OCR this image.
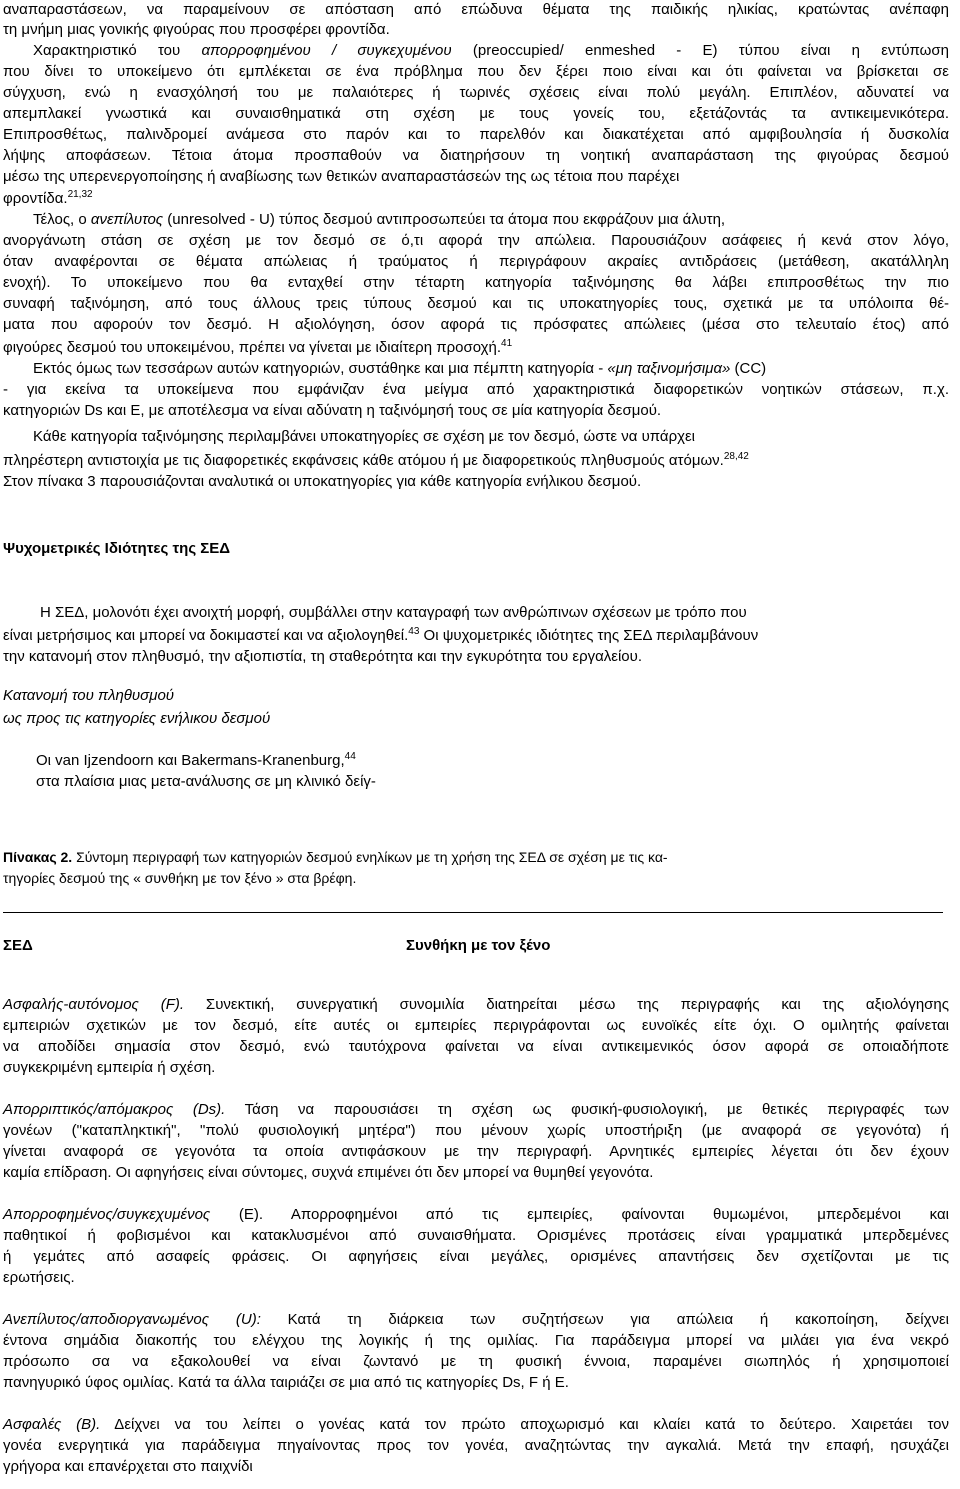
αναπαραστάσεων, να παραμείνουν σε απόσταση από επώδυνα θέματα της παιδικής ηλικίας, κρατώντας ανέπαφη
τη μνήμη μιας γονικής φιγούρας που προσφέρει φροντίδα.
Χαρακτηριστικό του απορροφημένου / συγκεχυμένου (preoccupied/ enmeshed - E) τύπου είναι η εντύπωση
που δίνει το υποκείμενο ότι εμπλέκεται σε ένα πρόβλημα που δεν ξέρει ποιο είναι και ότι φαίνεται να βρίσκεται σε
σύγχυση, ενώ η ενασχόλησή του με παλαιότερες ή τωρινές σχέσεις είναι πολύ μεγάλη. Επιπλέον, αδυνατεί να
απεμπλακεί γνωστικά και συναισθηματικά στη σχέση με τους γονείς του, εξετάζοντάς τα αντικειμενικότερα.
Επιπροσθέτως, παλινδρομεί ανάμεσα στο παρόν και το παρελθόν και διακατέχεται από αμφιβουλησία ή δυσκολία
λήψης αποφάσεων. Τέτοια άτομα προσπαθούν να διατηρήσουν τη νοητική αναπαράσταση της φιγούρας δεσμού
μέσω της υπερενεργοποίησης ή αναβίωσης των θετικών αναπαραστάσεών της ως τέτοια που παρέχει
φροντίδα.$^{21,32}$
Τέλος, ο ανεπίλυτος (unresolved - U) τύπος δεσμού αντιπροσωπεύει τα άτομα που εκφράζουν μια άλυτη,
ανοργάνωτη στάση σε σχέση με τον δεσμό σε ό,τι αφορά την απώλεια. Παρουσιάζουν ασάφειες ή κενά στον λόγο,
όταν αναφέρονται σε θέματα απώλειας ή τραύματος ή περιγράφουν ακραίες αντιδράσεις (μετάθεση, ακατάλληλη
ενοχή). Το υποκείμενο που θα ενταχθεί στην τέταρτη κατηγορία ταξινόμησης θα λάβει επιπροσθέτως την πιο
συναφή ταξινόμηση, από τους άλλους τρεις τύπους δεσμού και τις υποκατηγορίες τους, σχετικά με τα υπόλοιπα θέ-
ματα που αφορούν τον δεσμό. Η αξιολόγηση, όσον αφορά τις πρόσφατες απώλειες (μέσα στο τελευταίο έτος) από
φιγούρες δεσμού του υποκειμένου, πρέπει να γίνεται με ιδιαίτερη προσοχή.$^{41}$
Εκτός όμως των τεσσάρων αυτών κατηγοριών, συστάθηκε και μια πέμπτη κατηγορία - «μη ταξινομήσιμα» (CC)
- για εκείνα τα υποκείμενα που εμφάνιζαν ένα μείγμα από χαρακτηριστικά διαφορετικών νοητικών στάσεων, π.χ.
κατηγοριών Ds και E, με αποτέλεσμα να είναι αδύνατη η ταξινόμησή τους σε μία κατηγορία δεσμού.
Κάθε κατηγορία ταξινόμησης περιλαμβάνει υποκατηγορίες σε σχέση με τον δεσμό, ώστε να υπάρχει
πληρέστερη αντιστοιχία με τις διαφορετικές εκφάνσεις κάθε ατόμου ή με διαφορετικούς πληθυσμούς ατόμων.$^{28,42}$
Στον πίνακα 3 παρουσιάζονται αναλυτικά οι υποκατηγορίες για κάθε κατηγορία ενήλικου δεσμού.
Ψυχομετρικές Ιδιότητες της ΣΕΔ
Η ΣΕΔ, μολονότι έχει ανοιχτή μορφή, συμβάλλει στην καταγραφή των ανθρώπινων σχέσεων με τρόπο που
είναι μετρήσιμος και μπορεί να δοκιμαστεί και να αξιολογηθεί.$^{43}$ Οι ψυχομετρικές ιδιότητες της ΣΕΔ περιλαμβάνουν
την κατανομή στον πληθυσμό, την αξιοπιστία, τη σταθερότητα και την εγκυρότητα του εργαλείου.
Κατανομή του πληθυσμού
ως προς τις κατηγορίες ενήλικου δεσμού
Οι van Ijzendoorn και Bakermans-Kranenburg,$^{44}$
στα πλαίσια μιας μετα-ανάλυσης σε μη κλινικό δείγ-
Πίνακας 2. Σύντομη περιγραφή των κατηγοριών δεσμού ενηλίκων με τη χρήση της ΣΕΔ σε σχέση με τις κα-
τηγορίες δεσμού της « συνθήκη με τον ξένο » στα βρέφη.
ΣΕΔ	Συνθήκη με τον ξένο
Ασφαλής-αυτόνομος (F). Συνεκτική, συνεργατική συνομιλία διατηρείται μέσω της περιγραφής και της αξιολόγησης
εμπειριών σχετικών με τον δεσμό, είτε αυτές οι εμπειρίες περιγράφονται ως ευνοϊκές είτε όχι. Ο ομιλητής φαίνεται
να αποδίδει σημασία στον δεσμό, ενώ ταυτόχρονα φαίνεται να είναι αντικειμενικός όσον αφορά σε οποιαδήποτε
συγκεκριμένη εμπειρία ή σχέση.
Απορριπτικός/απόμακρος (Ds). Τάση να παρουσιάσει τη σχέση ως φυσική-φυσιολογική, με θετικές περιγραφές των
γονέων ("καταπληκτική", "πολύ φυσιολογική μητέρα") που μένουν χωρίς υποστήριξη (με αναφορά σε γεγονότα) ή
γίνεται αναφορά σε γεγονότα τα οποία αντιφάσκουν με την περιγραφή. Αρνητικές εμπειρίες λέγεται ότι δεν έχουν
καμία επίδραση. Οι αφηγήσεις είναι σύντομες, συχνά επιμένει ότι δεν μπορεί να θυμηθεί γεγονότα.
Απορροφημένος/συγκεχυμένος (E). Απορροφημένοι από τις εμπειρίες, φαίνονται θυμωμένοι, μπερδεμένοι και
παθητικοί ή φοβισμένοι και κατακλυσμένοι από συναισθήματα. Ορισμένες προτάσεις είναι γραμματικά μπερδεμένες
ή γεμάτες από ασαφείς φράσεις. Οι αφηγήσεις είναι μεγάλες, ορισμένες απαντήσεις δεν σχετίζονται με τις
ερωτήσεις.
Ανεπίλυτος/αποδιοργανωμένος (U): Κατά τη διάρκεια των συζητήσεων για απώλεια ή κακοποίηση, δείχνει
έντονα σημάδια διακοπής του ελέγχου της λογικής ή της ομιλίας. Για παράδειγμα μπορεί να μιλάει για ένα νεκρό
πρόσωπο σα να εξακολουθεί να είναι ζωντανό με τη φυσική έννοια, παραμένει σιωπηλός ή χρησιμοποιεί
πανηγυρικό ύφος ομιλίας. Κατά τα άλλα ταιριάζει σε μια από τις κατηγορίες Ds, F ή E.
Ασφαλές (B). Δείχνει να του λείπει ο γονέας κατά τον πρώτο αποχωρισμό και κλαίει κατά το δεύτερο. Χαιρετάει τον
γονέα ενεργητικά για παράδειγμα πηγαίνοντας προς τον γονέα, αναζητώντας την αγκαλιά. Μετά την επαφή, ησυχάζει
γρήγορα και επανέρχεται στο παιχνίδι
